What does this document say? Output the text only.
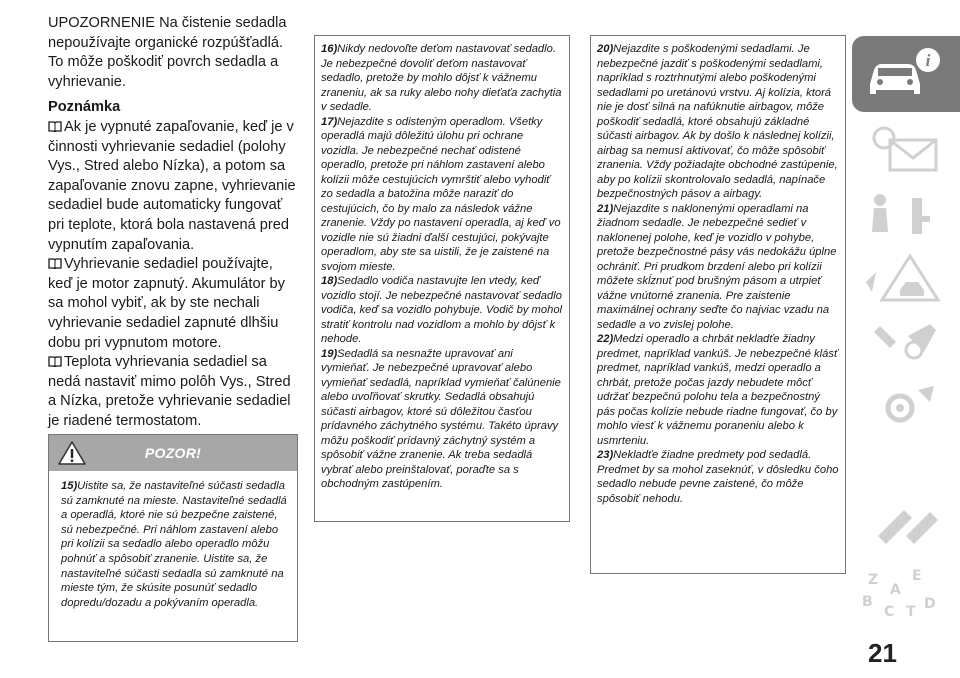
UPOZORNENIE Na čistenie sedadla nepoužívajte organické rozpúšťadlá. To môže poškodiť povrch sedadla a vyhrievanie.

Poznámka

Ak je vypnuté zapaľovanie, keď je v činnosti vyhrievanie sedadiel (polohy Vys., Stred alebo Nízka), a potom sa zapaľovanie znovu zapne, vyhrievanie sedadiel bude automaticky fungovať pri teplote, ktorá bola nastavená pred vypnutím zapaľovania.

Vyhrievanie sedadiel používajte, keď je motor zapnutý. Akumulátor by sa mohol vybiť, ak by ste nechali vyhrievanie sedadiel zapnuté dlhšiu dobu pri vypnutom motore.

Teplota vyhrievania sedadiel sa nedá nastaviť mimo polôh Vys., Stred a Nízka, pretože vyhrievanie sedadiel je riadené termostatom.

POZOR!
15)Uistite sa, že nastaviteľné súčasti sedadla sú zamknuté na mieste. Nastaviteľné sedadlá a operadlá, ktoré nie sú bezpečne zaistené, sú nebezpečné. Pri náhlom zastavení alebo pri kolízii sa sedadlo alebo operadlo môžu pohnúť a spôsobiť zranenie. Uistite sa, že nastaviteľné súčasti sedadla sú zamknuté na mieste tým, že skúsite posunúť sedadlo dopredu/dozadu a pokývaním operadla.

16)Nikdy nedovoľte deťom nastavovať sedadlo. Je nebezpečné dovoliť deťom nastavovať sedadlo, pretože by mohlo dôjsť k vážnemu zraneniu, ak sa ruky alebo nohy dieťaťa zachytia v sedadle.

17)Nejazdite s odisteným operadlom. Všetky operadlá majú dôležitú úlohu pri ochrane vozidla. Je nebezpečné nechať odistené operadlo, pretože pri náhlom zastavení alebo kolízii môže cestujúcich vymrštiť alebo vyhodiť zo sedadla a batožina môže naraziť do cestujúcich, čo by malo za následok vážne zranenie. Vždy po nastavení operadla, aj keď vo vozidle nie sú žiadni ďalší cestujúci, pokývajte operadlom, aby ste sa uistili, že je zaistené na svojom mieste.

18)Sedadlo vodiča nastavujte len vtedy, keď vozidlo stojí. Je nebezpečné nastavovať sedadlo vodiča, keď sa vozidlo pohybuje. Vodič by mohol stratiť kontrolu nad vozidlom a mohlo by dôjsť k nehode.

19)Sedadlá sa nesnažte upravovať ani vymieňať. Je nebezpečné upravovať alebo vymieňať sedadlá, napríklad vymieňať čalúnenie alebo uvoľňovať skrutky. Sedadlá obsahujú súčasti airbagov, ktoré sú dôležitou časťou prídavného záchytného systému. Takéto úpravy môžu poškodiť prídavný záchytný systém a spôsobiť vážne zranenie. Ak treba sedadlá vybrať alebo preinštalovať, poraďte sa s obchodným zastúpením.

20)Nejazdite s poškodenými sedadlami. Je nebezpečné jazdiť s poškodenými sedadlami, napríklad s roztrhnutými alebo poškodenými sedadlami po uretánovú vrstvu. Aj kolízia, ktorá nie je dosť silná na nafúknutie airbagov, môže poškodiť sedadlá, ktoré obsahujú základné súčasti airbagov. Ak by došlo k následnej kolízii, airbag sa nemusí aktivovať, čo môže spôsobiť zranenia. Vždy požiadajte obchodné zastúpenie, aby po kolízii skontrolovalo sedadlá, napínače bezpečnostných pásov a airbagy.

21)Nejazdite s naklonenými operadlami na žiadnom sedadle. Je nebezpečné sedieť v naklonenej polohe, keď je vozidlo v pohybe, pretože bezpečnostné pásy vás nedokážu úplne ochrániť. Pri prudkom brzdení alebo pri kolízii môžete skĺznuť pod brušným pásom a utrpieť vážne vnútorné zranenia. Pre zaistenie maximálnej ochrany seďte čo najviac vzadu na sedadle a vo zvislej polohe.

22)Medzi operadlo a chrbát nekladťe žiadny predmet, napríklad vankúš. Je nebezpečné klásť predmet, napríklad vankúš, medzi operadlo a chrbát, pretože počas jazdy nebudete môcť udržať bezpečnú polohu tela a bezpečnostný pás počas kolízie nebude riadne fungovať, čo by mohlo viesť k vážnemu poraneniu alebo k usmrteniu.

23)Nekladťe žiadne predmety pod sedadlá. Predmet by sa mohol zaseknúť, v dôsledku čoho sedadlo nebude pevne zaistené, čo môže spôsobiť nehodu.

i
Z E
A
B
C T D
21
